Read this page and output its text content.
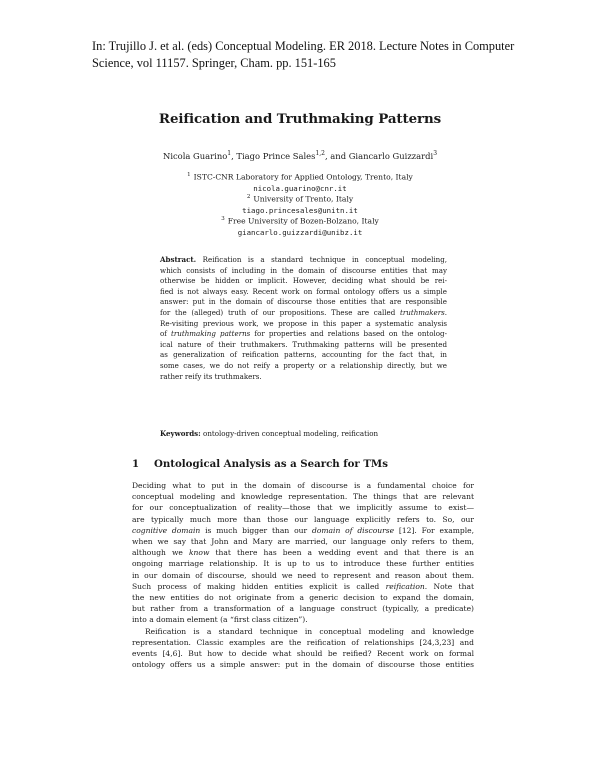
In: Trujillo J. et al. (eds) Conceptual Modeling. ER 2018. Lecture Notes in Computer
Science, vol 11157. Springer, Cham. pp. 151-165
Reification and Truthmaking Patterns
Nicola Guarino$^1$, Tiago Prince Sales$^{1,2}$, and Giancarlo Guizzardi$^3$
$^1$ ISTC-CNR Laboratory for Applied Ontology, Trento, Italy
nicola.guarino@cnr.it
$^2$ University of Trento, Italy
tiago.princesales@unitn.it
$^3$ Free University of Bozen-Bolzano, Italy
giancarlo.guizzardi@unibz.it
Abstract. Reification is a standard technique in conceptual modeling,
which consists of including in the domain of discourse entities that may
otherwise be hidden or implicit. However, deciding what should be rei-
fied is not always easy. Recent work on formal ontology offers us a simple
answer: put in the domain of discourse those entities that are responsible
for the (alleged) truth of our propositions. These are called truthmakers.
Re-visiting previous work, we propose in this paper a systematic analysis
of truthmaking patterns for properties and relations based on the ontolog-
ical nature of their truthmakers. Truthmaking patterns will be presented
as generalization of reification patterns, accounting for the fact that, in
some cases, we do not reify a property or a relationship directly, but we
rather reify its truthmakers.
Keywords: ontology-driven conceptual modeling, reification
1 Ontological Analysis as a Search for TMs
Deciding what to put in the domain of discourse is a fundamental choice for
conceptual modeling and knowledge representation. The things that are relevant
for our conceptualization of reality—those that we implicitly assume to exist—
are typically much more than those our language explicitly refers to. So, our
cognitive domain is much bigger than our domain of discourse [12]. For example,
when we say that John and Mary are married, our language only refers to them,
although we know that there has been a wedding event and that there is an
ongoing marriage relationship. It is up to us to introduce these further entities
in our domain of discourse, should we need to represent and reason about them.
Such process of making hidden entities explicit is called reification. Note that
the new entities do not originate from a generic decision to expand the domain,
but rather from a transformation of a language construct (typically, a predicate)
into a domain element (a “first class citizen”).
Reification is a standard technique in conceptual modeling and knowledge
representation. Classic examples are the reification of relationships [24,3,23] and
events [4,6]. But how to decide what should be reified? Recent work on formal
ontology offers us a simple answer: put in the domain of discourse those entities
